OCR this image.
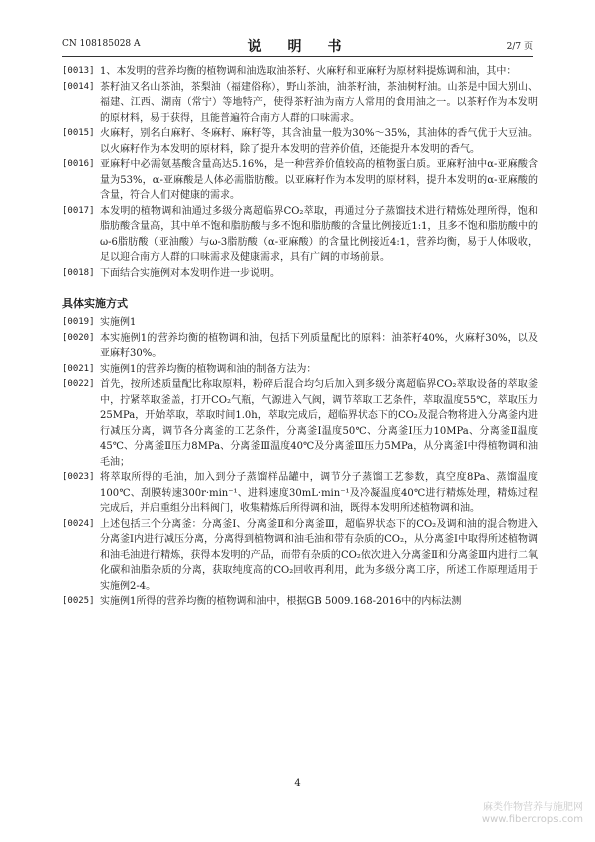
CN 108185028 A	说　明　书	2/7 页
[0013] 1、本发明的营养均衡的植物调和油选取油茶籽、火麻籽和亚麻籽为原材料提炼调和油，其中：
[0014] 茶籽油又名山茶油，茶梨油（福建俗称），野山茶油，油茶籽油，茶油树籽油。山茶是中国大别山、福建、江西、湖南（常宁）等地特产，使得茶籽油为南方人常用的食用油之一。以茶籽作为本发明的原材料，易于获得，且能普遍符合南方人群的口味需求。
[0015] 火麻籽，别名白麻籽、冬麻籽、麻籽等，其含油量一般为30%～35%，其油体的香气优于大豆油。以火麻籽作为本发明的原材料，除了提升本发明的营养价值，还能提升本发明的香气。
[0016] 亚麻籽中必需氨基酸含量高达5.16%，是一种营养价值较高的植物蛋白质。亚麻籽油中α-亚麻酸含量为53%，α-亚麻酸是人体必需脂肪酸。以亚麻籽作为本发明的原材料，提升本发明的α-亚麻酸的含量，符合人们对健康的需求。
[0017] 本发明的植物调和油通过多级分离超临界CO₂萃取，再通过分子蒸馏技术进行精炼处理所得，饱和脂肪酸含量高，其中单不饱和脂肪酸与多不饱和脂肪酸的含量比例接近1:1，且多不饱和脂肪酸中的ω-6脂肪酸（亚油酸）与ω-3脂肪酸（α-亚麻酸）的含量比例接近4:1，营养均衡，易于人体吸收，足以迎合南方人群的口味需求及健康需求，具有广阔的市场前景。
[0018] 下面结合实施例对本发明作进一步说明。
具体实施方式
[0019] 实施例1
[0020] 本实施例1的营养均衡的植物调和油，包括下列质量配比的原料：油茶籽40%，火麻籽30%，以及亚麻籽30%。
[0021] 实施例1的营养均衡的植物调和油的制备方法为：
[0022] 首先，按所述质量配比称取原料，粉碎后混合均匀后加入到多级分离超临界CO₂萃取设备的萃取釜中，拧紧萃取釜盖，打开CO₂气瓶，气源进入气阀，调节萃取工艺条件，萃取温度55℃，萃取压力25MPa，开始萃取，萃取时间1.0h，萃取完成后，超临界状态下的CO₂及混合物将进入分离釜内进行减压分离，调节各分离釜的工艺条件，分离釜Ⅰ温度50℃、分离釜Ⅰ压力10MPa、分离釜Ⅱ温度45℃、分离釜Ⅱ压力8MPa、分离釜Ⅲ温度40℃及分离釜Ⅲ压力5MPa，从分离釜Ⅰ中得植物调和油毛油；
[0023] 将萃取所得的毛油，加入到分子蒸馏样品罐中，调节分子蒸馏工艺参数，真空度8Pa、蒸馏温度100℃、刮膜转速300r·min⁻¹、进料速度30mL·min⁻¹及冷凝温度40℃进行精炼处理，精炼过程完成后，并启重组分出料阀门，收集精炼后所得调和油，既得本发明所述植物调和油。
[0024] 上述包括三个分离釜：分离釜Ⅰ、分离釜Ⅱ和分离釜Ⅲ，超临界状态下的CO₂及调和油的混合物进入分离釜Ⅰ内进行减压分离，分离得到植物调和油毛油和带有杂质的CO₂，从分离釜Ⅰ中取得所述植物调和油毛油进行精炼，获得本发明的产品，而带有杂质的CO₂依次进入分离釜Ⅱ和分离釜Ⅲ内进行二氧化碳和油脂杂质的分离，获取纯度高的CO₂回收再利用，此为多级分离工序，所述工作原理适用于实施例2-4。
[0025] 实施例1所得的营养均衡的植物调和油中，根据GB 5009.168-2016中的内标法测
4
麻类作物营养与施肥网
www.fibercrops.com
